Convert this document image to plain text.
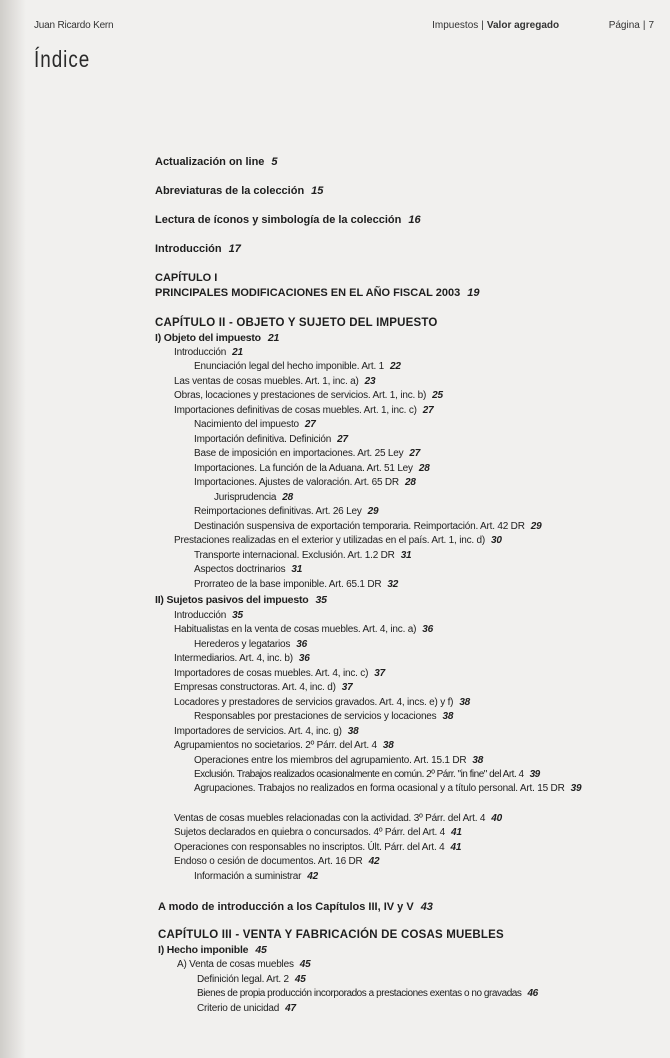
Juan Ricardo Kern	Impuestos | Valor agregado	Página | 7
Índice
Actualización on line 5
Abreviaturas de la colección 15
Lectura de íconos y simbología de la colección 16
Introducción 17
CAPÍTULO I
PRINCIPALES MODIFICACIONES EN EL AÑO FISCAL 2003 19
CAPÍTULO II - OBJETO Y SUJETO DEL IMPUESTO
I) Objeto del impuesto 21
Introducción 21
Enunciación legal del hecho imponible. Art. 1 22
Las ventas de cosas muebles. Art. 1, inc. a) 23
Obras, locaciones y prestaciones de servicios. Art. 1, inc. b) 25
Importaciones definitivas de cosas muebles. Art. 1, inc. c) 27
Nacimiento del impuesto 27
Importación definitiva. Definición 27
Base de imposición en importaciones. Art. 25 Ley 27
Importaciones. La función de la Aduana. Art. 51 Ley 28
Importaciones. Ajustes de valoración. Art. 65 DR 28
Jurisprudencia 28
Reimportaciones definitivas. Art. 26 Ley 29
Destinación suspensiva de exportación temporaria. Reimportación. Art. 42 DR 29
Prestaciones realizadas en el exterior y utilizadas en el país. Art. 1, inc. d) 30
Transporte internacional. Exclusión. Art. 1.2 DR 31
Aspectos doctrinarios 31
Prorrateo de la base imponible. Art. 65.1 DR 32
II) Sujetos pasivos del impuesto 35
Introducción 35
Habitualistas en la venta de cosas muebles. Art. 4, inc. a) 36
Herederos y legatarios 36
Intermediarios. Art. 4, inc. b) 36
Importadores de cosas muebles. Art. 4, inc. c) 37
Empresas constructoras. Art. 4, inc. d) 37
Locadores y prestadores de servicios gravados. Art. 4, incs. e) y f) 38
Responsables por prestaciones de servicios y locaciones 38
Importadores de servicios. Art. 4, inc. g) 38
Agrupamientos no societarios. 2º Párr. del Art. 4 38
Operaciones entre los miembros del agrupamiento. Art. 15.1 DR 38
Exclusión. Trabajos realizados ocasionalmente en común. 2º Párr. "in fine" del Art. 4 39
Agrupaciones. Trabajos no realizados en forma ocasional y a título personal. Art. 15 DR 39
Ventas de cosas muebles relacionadas con la actividad. 3º Párr. del Art. 4 40
Sujetos declarados en quiebra o concursados. 4º Párr. del Art. 4 41
Operaciones con responsables no inscriptos. Últ. Párr. del Art. 4 41
Endoso o cesión de documentos. Art. 16 DR 42
Información a suministrar 42
A modo de introducción a los Capítulos III, IV y V 43
CAPÍTULO III - VENTA Y FABRICACIÓN DE COSAS MUEBLES
I) Hecho imponible 45
A) Venta de cosas muebles 45
Definición legal. Art. 2 45
Bienes de propia producción incorporados a prestaciones exentas o no gravadas 46
Criterio de unicidad 47
